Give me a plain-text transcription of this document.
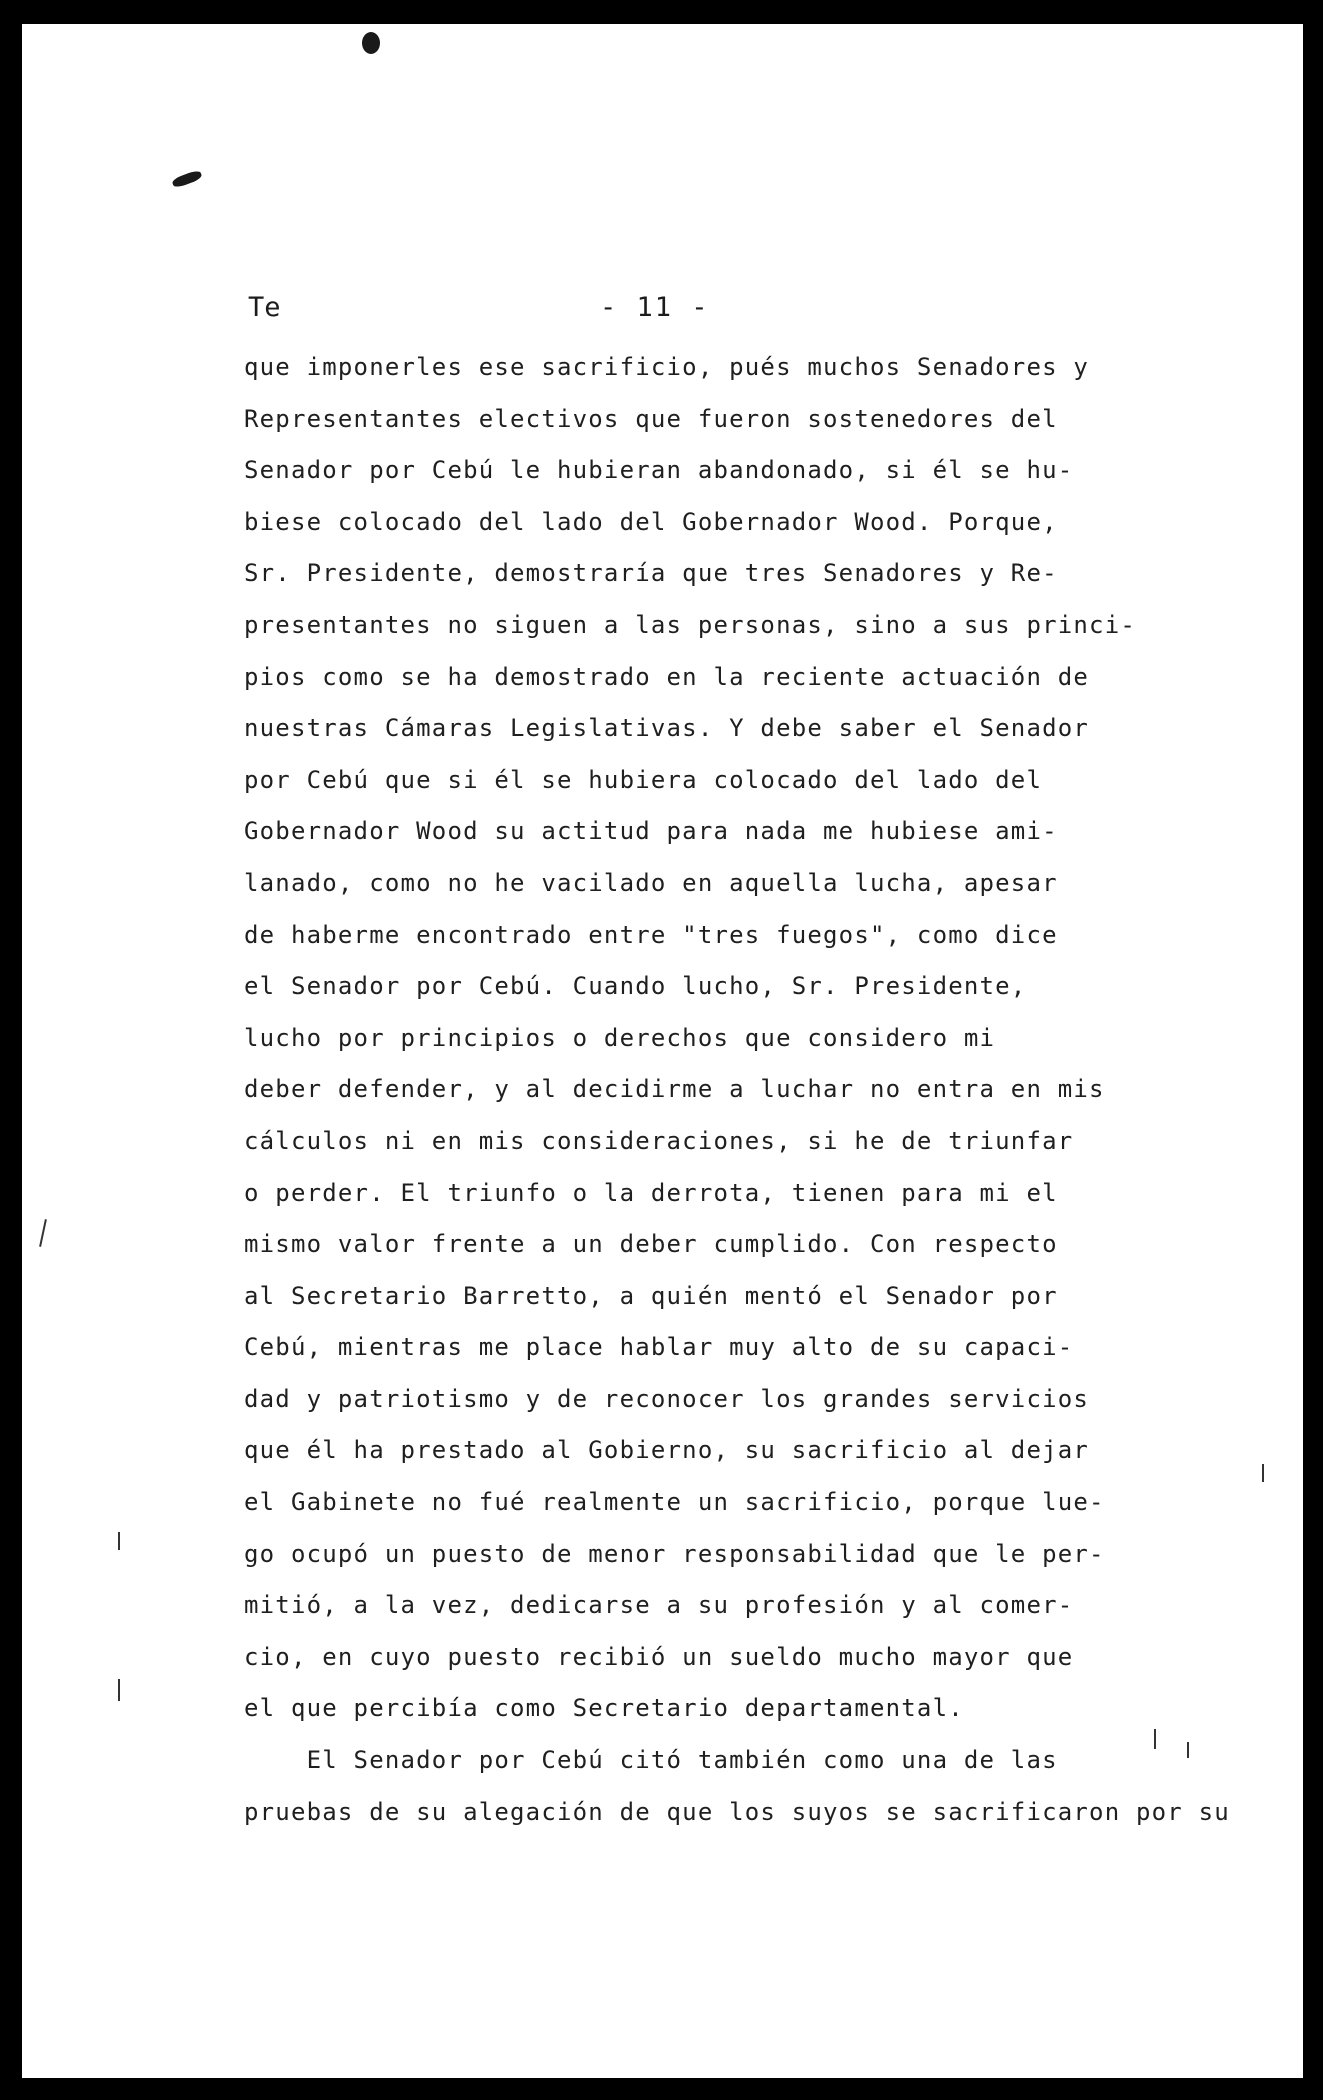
Te	- 11 -
que imponerles ese sacrificio, pués muchos Senadores y
Representantes electivos que fueron sostenedores del
Senador por Cebú le hubieran abandonado, si él se hu-
biese colocado del lado del Gobernador Wood. Porque,
Sr. Presidente, demostraría que tres Senadores y Re-
presentantes no siguen a las personas, sino a sus princi-
pios como se ha demostrado en la reciente actuación de
nuestras Cámaras Legislativas. Y debe saber el Senador
por Cebú que si él se hubiera colocado del lado del
Gobernador Wood su actitud para nada me hubiese ami-
lanado, como no he vacilado en aquella lucha, apesar
de haberme encontrado entre "tres fuegos", como dice
el Senador por Cebú. Cuando lucho, Sr. Presidente,
lucho por principios o derechos que considero mi
deber defender, y al decidirme a luchar no entra en mis
cálculos ni en mis consideraciones, si he de triunfar
o perder. El triunfo o la derrota, tienen para mi el
mismo valor frente a un deber cumplido. Con respecto
al Secretario Barretto, a quién mentó el Senador por
Cebú, mientras me place hablar muy alto de su capaci-
dad y patriotismo y de reconocer los grandes servicios
que él ha prestado al Gobierno, su sacrificio al dejar
el Gabinete no fué realmente un sacrificio, porque lue-
go ocupó un puesto de menor responsabilidad que le per-
mitió, a la vez, dedicarse a su profesión y al comer-
cio, en cuyo puesto recibió un sueldo mucho mayor que
el que percibía como Secretario departamental.
El Senador por Cebú citó también como una de las
pruebas de su alegación de que los suyos se sacrificaron por su
